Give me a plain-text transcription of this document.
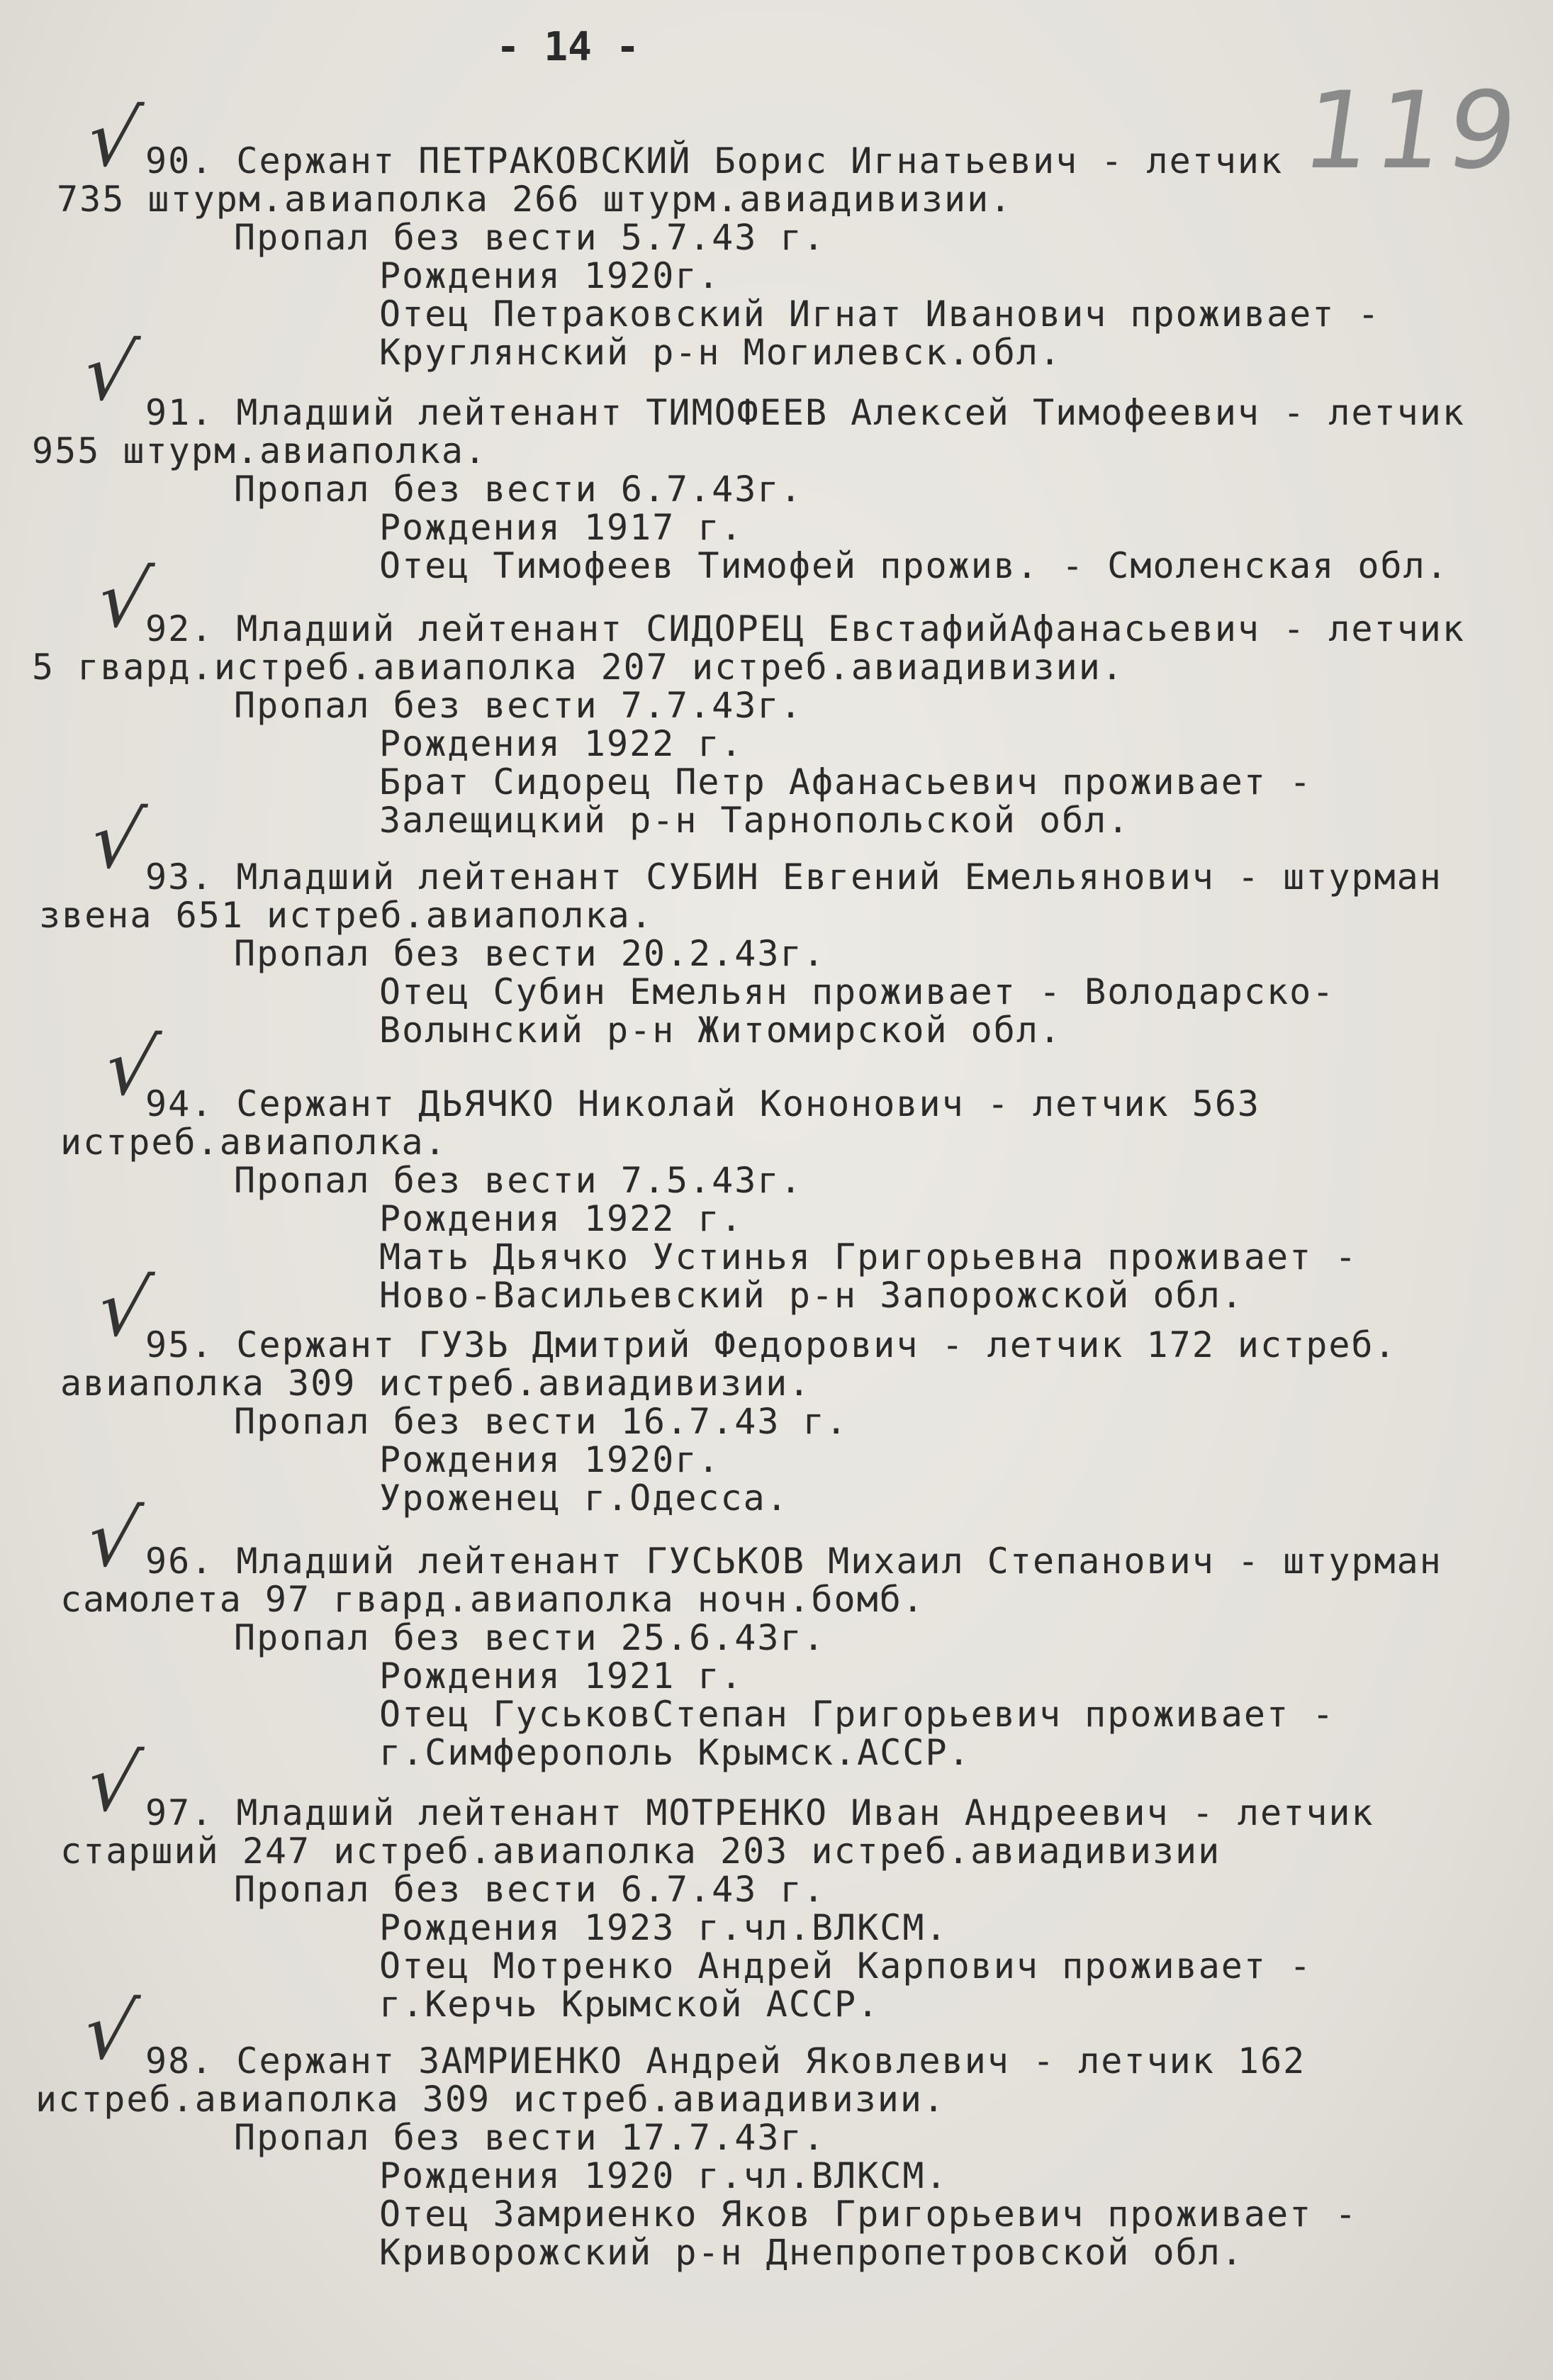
- 14 -
119
√
90. Сержант ПЕТРАКОВСКИЙ Борис Игнатьевич - летчик
735 штурм.авиаполка 266 штурм.авиадивизии.
Пропал без вести 5.7.43 г.
Рождения 1920г.
Отец Петраковский Игнат Иванович проживает -
Круглянский р-н Могилевск.обл.
√ 91. Младший лейтенант ТИМОФЕЕВ Алексей Тимофеевич - летчик
955 штурм.авиаполка.
Пропал без вести 6.7.43г.
Рождения 1917 г.
Отец Тимофеев Тимофей прожив. - Смоленская обл.
√
92. Младший лейтенант СИДОРЕЦ ЕвстафийАфанасьевич - летчик
5 гвард.истреб.авиаполка 207 истреб.авиадивизии.
Пропал без вести 7.7.43г.
Рождения 1922 г.
Брат Сидорец Петр Афанасьевич проживает -
Залещицкий р-н Тарнопольской обл.
√
93. Младший лейтенант СУБИН Евгений Емельянович - штурман
звена 651 истреб.авиаполка.
Пропал без вести 20.2.43г.
Отец Субин Емельян проживает - Володарско-
Волынский р-н Житомирской обл.
√
94. Сержант ДЬЯЧКО Николай Кононович - летчик 563
истреб.авиаполка.
Пропал без вести 7.5.43г.
Рождения 1922 г.
Мать Дьячко Устинья Григорьевна проживает -
Ново-Васильевский р-н Запорожской обл.
√
95. Сержант ГУЗЬ Дмитрий Федорович - летчик 172 истреб.
авиаполка 309 истреб.авиадивизии.
Пропал без вести 16.7.43 г.
Рождения 1920г.
Уроженец г.Одесса.
√
96. Младший лейтенант ГУСЬКОВ Михаил Степанович - штурман
самолета 97 гвард.авиаполка ночн.бомб.
Пропал без вести 25.6.43г.
Рождения 1921 г.
Отец ГуськовСтепан Григорьевич проживает -
г.Симферополь Крымск.АССР.
√
97. Младший лейтенант МОТРЕНКО Иван Андреевич - летчик
старший 247 истреб.авиаполка 203 истреб.авиадивизии
Пропал без вести 6.7.43 г.
Рождения 1923 г.чл.ВЛКСМ.
Отец Мотренко Андрей Карпович проживает -
г.Керчь Крымской АССР.
√ 98. Сержант ЗАМРИЕНКО Андрей Яковлевич - летчик 162
истреб.авиаполка 309 истреб.авиадивизии.
Пропал без вести 17.7.43г.
Рождения 1920 г.чл.ВЛКСМ.
Отец Замриенко Яков Григорьевич проживает -
Криворожский р-н Днепропетровской обл.
